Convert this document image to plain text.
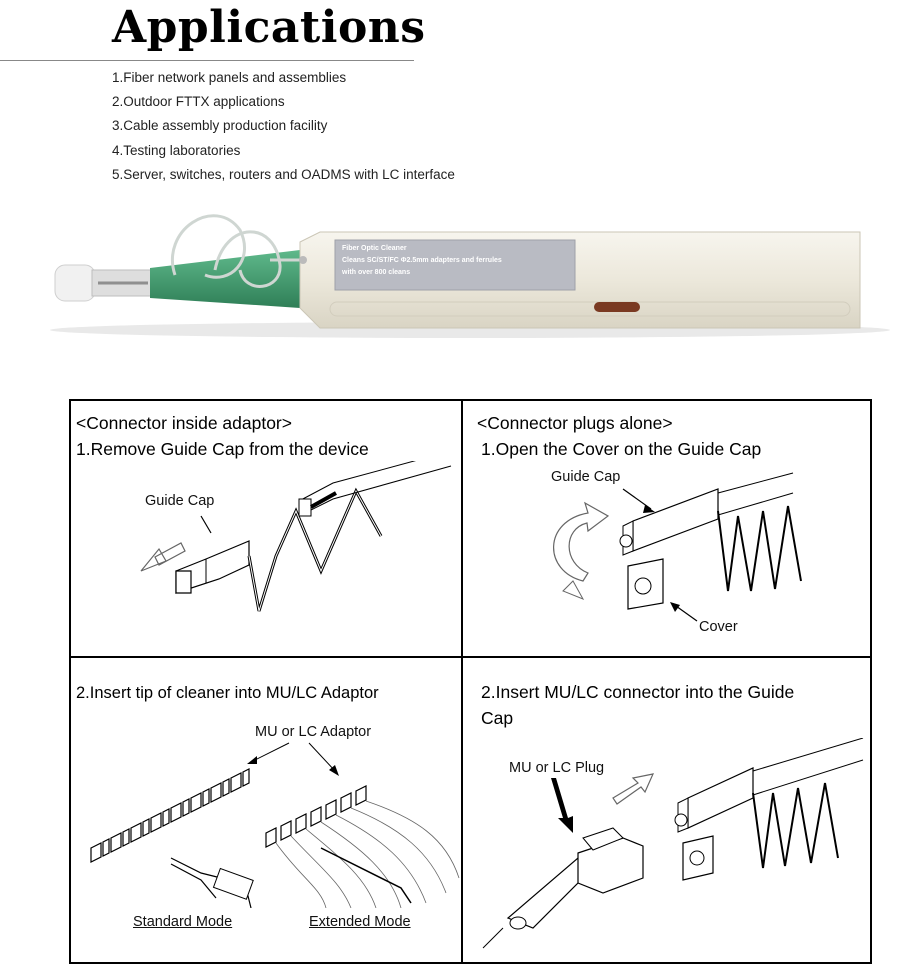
Applications
1.Fiber network panels and assemblies
2.Outdoor FTTX applications
3.Cable assembly production facility
4.Testing laboratories
5.Server, switches, routers and OADMS with LC interface
Fiber Optic Cleaner
Cleans SC/ST/FC Φ2.5mm adapters and ferrules
with over 800 cleans
<Connector inside adaptor>
1.Remove Guide Cap from the device
Guide Cap
<Connector plugs alone>
1.Open the Cover on the Guide Cap
Guide Cap
Cover
2.Insert tip of cleaner into MU/LC Adaptor
MU or LC Adaptor
Standard Mode	Extended Mode
2.Insert MU/LC connector into the Guide
Cap
MU or LC Plug
